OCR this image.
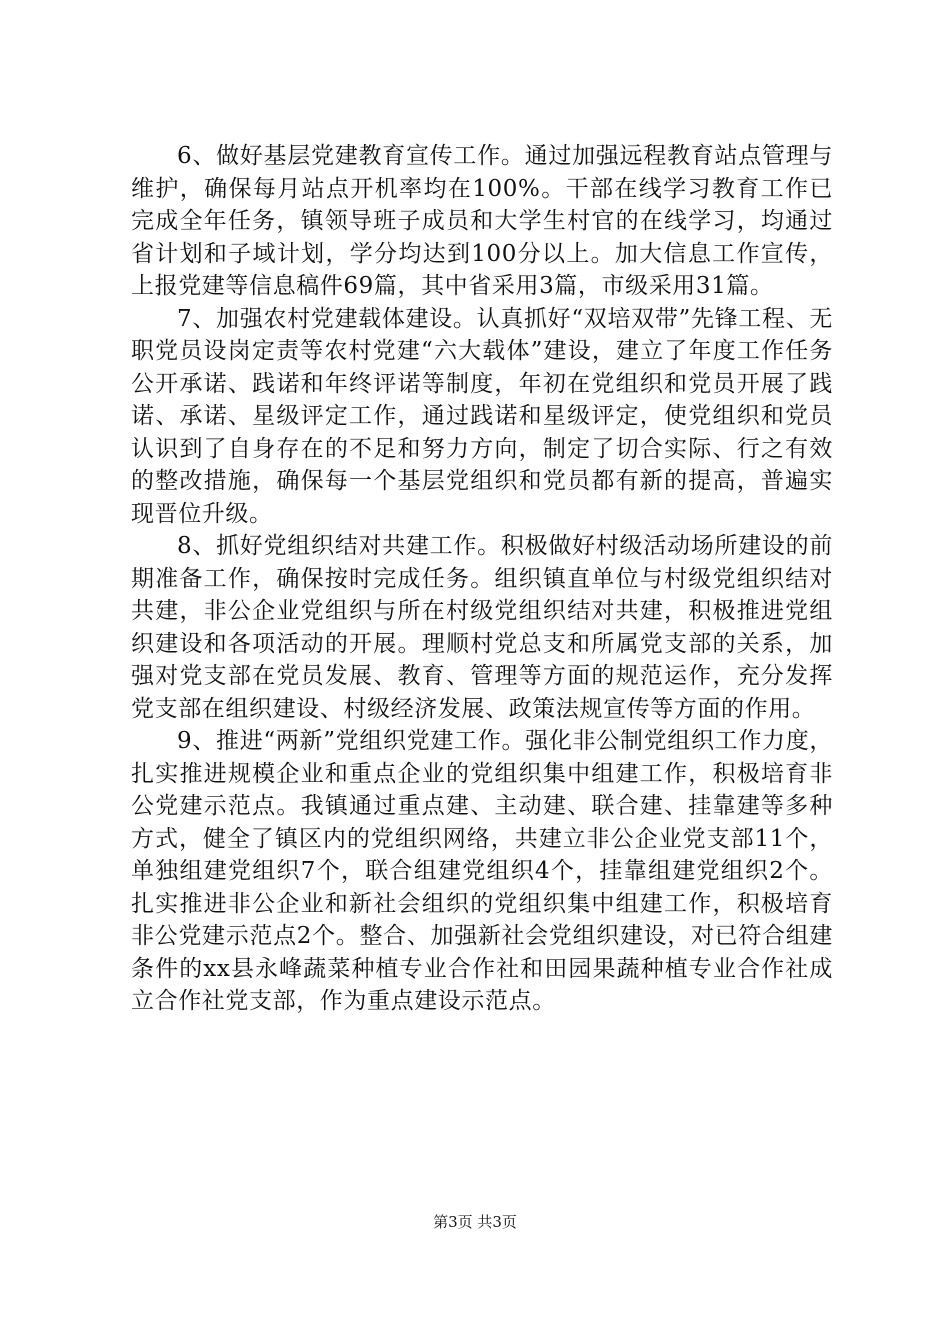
6、做好基层党建教育宣传工作。通过加强远程教育站点管理与维护，确保每月站点开机率均在100%。干部在线学习教育工作已完成全年任务，镇领导班子成员和大学生村官的在线学习，均通过省计划和子域计划，学分均达到100分以上。加大信息工作宣传，上报党建等信息稿件69篇，其中省采用3篇，市级采用31篇。

7、加强农村党建载体建设。认真抓好“双培双带”先锋工程、无职党员设岗定责等农村党建“六大载体”建设，建立了年度工作任务公开承诺、践诺和年终评诺等制度，年初在党组织和党员开展了践诺、承诺、星级评定工作，通过践诺和星级评定，使党组织和党员认识到了自身存在的不足和努力方向，制定了切合实际、行之有效的整改措施，确保每一个基层党组织和党员都有新的提高，普遍实现晋位升级。

8、抓好党组织结对共建工作。积极做好村级活动场所建设的前期准备工作，确保按时完成任务。组织镇直单位与村级党组织结对共建，非公企业党组织与所在村级党组织结对共建，积极推进党组织建设和各项活动的开展。理顺村党总支和所属党支部的关系，加强对党支部在党员发展、教育、管理等方面的规范运作，充分发挥党支部在组织建设、村级经济发展、政策法规宣传等方面的作用。

9、推进“两新”党组织党建工作。强化非公制党组织工作力度，扎实推进规模企业和重点企业的党组织集中组建工作，积极培育非公党建示范点。我镇通过重点建、主动建、联合建、挂靠建等多种方式，健全了镇区内的党组织网络，共建立非公企业党支部11个，单独组建党组织7个，联合组建党组织4个，挂靠组建党组织2个。扎实推进非公企业和新社会组织的党组织集中组建工作，积极培育非公党建示范点2个。整合、加强新社会党组织建设，对已符合组建条件的xx县永峰蔬菜种植专业合作社和田园果蔬种植专业合作社成立合作社党支部，作为重点建设示范点。

第3页 共3页
